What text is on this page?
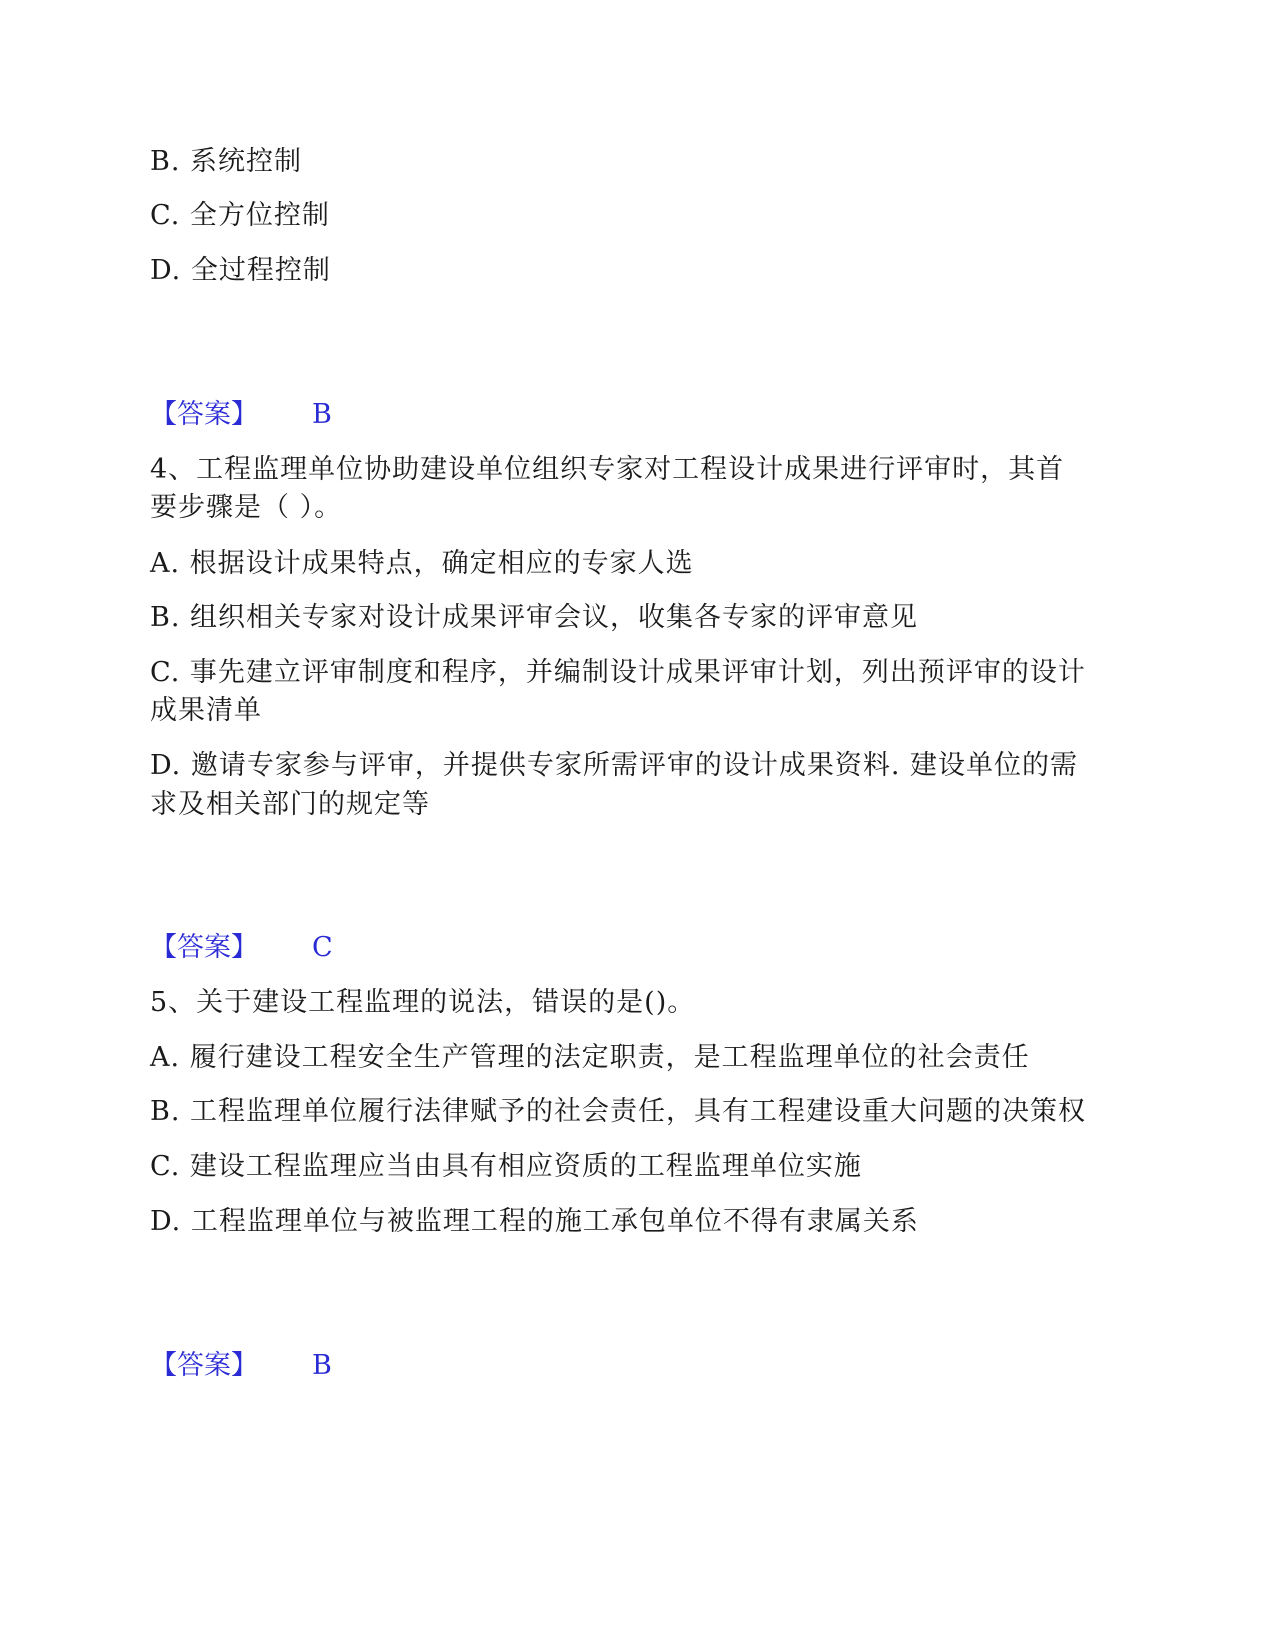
B. 系统控制
C. 全方位控制
D. 全过程控制
【答案】 B
4、工程监理单位协助建设单位组织专家对工程设计成果进行评审时，其首
要步骤是（ ）。
A. 根据设计成果特点，确定相应的专家人选
B. 组织相关专家对设计成果评审会议，收集各专家的评审意见
C. 事先建立评审制度和程序，并编制设计成果评审计划，列出预评审的设计
成果清单
D. 邀请专家参与评审，并提供专家所需评审的设计成果资料. 建设单位的需
求及相关部门的规定等
【答案】 C
5、关于建设工程监理的说法，错误的是()。
A. 履行建设工程安全生产管理的法定职责，是工程监理单位的社会责任
B. 工程监理单位履行法律赋予的社会责任，具有工程建设重大问题的决策权
C. 建设工程监理应当由具有相应资质的工程监理单位实施
D. 工程监理单位与被监理工程的施工承包单位不得有隶属关系
【答案】 B
